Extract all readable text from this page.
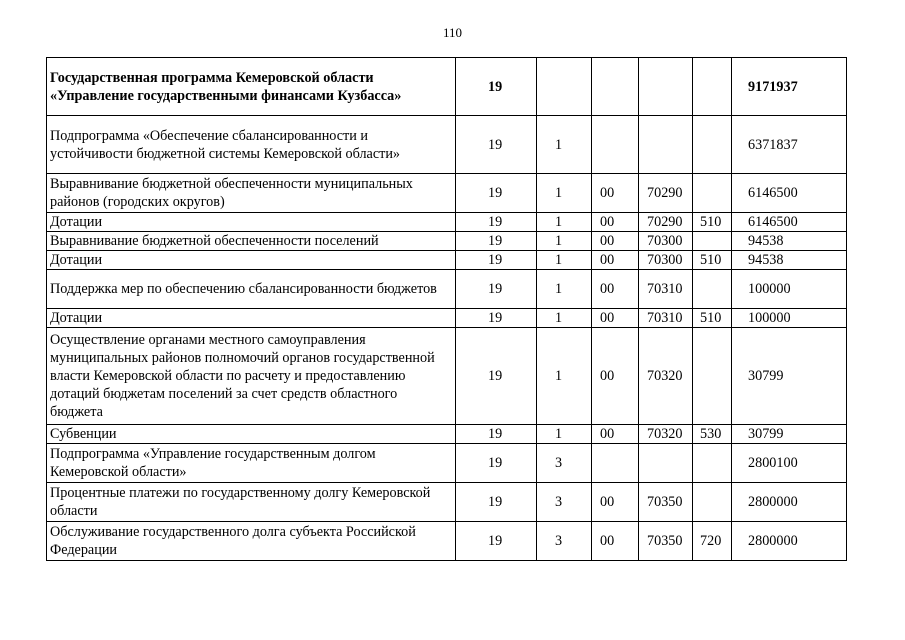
110
Государственная программа Кемеровской области «Управление государственными финансами Кузбасса»	19					9171937
Подпрограмма «Обеспечение сбалансированности и устойчивости бюджетной системы Кемеровской области»	19	1				6371837
Выравнивание бюджетной обеспеченности муниципальных районов (городских округов)	19	1	00	70290		6146500
Дотации	19	1	00	70290	510	6146500
Выравнивание бюджетной обеспеченности поселений	19	1	00	70300		94538
Дотации	19	1	00	70300	510	94538
Поддержка мер по обеспечению сбалансированности бюджетов	19	1	00	70310		100000
Дотации	19	1	00	70310	510	100000
Осуществление органами местного самоуправления муниципальных районов полномочий органов государственной власти Кемеровской области по расчету и предоставлению дотаций бюджетам поселений за счет средств областного бюджета	19	1	00	70320		30799
Субвенции	19	1	00	70320	530	30799
Подпрограмма «Управление государственным долгом Кемеровской области»	19	3				2800100
Процентные платежи по государственному долгу Кемеровской области	19	3	00	70350		2800000
Обслуживание государственного долга субъекта Российской Федерации	19	3	00	70350	720	2800000
